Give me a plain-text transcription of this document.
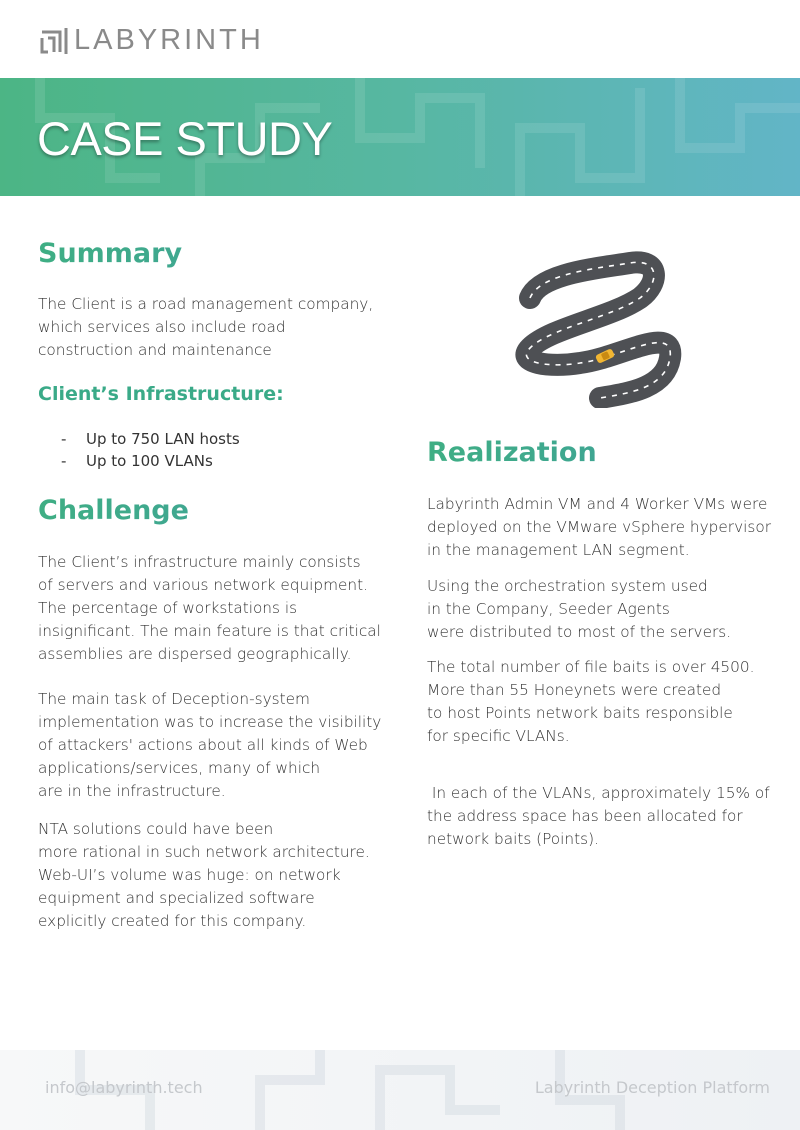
LABYRINTH
CASE STUDY
Summary

The Client is a road management company,
which services also include road
construction and maintenance

Client’s Infrastructure:
- Up to 750 LAN hosts
- Up to 100 VLANs
Challenge

The Client’s infrastructure mainly consists
of servers and various network equipment.
The percentage of workstations is
insignificant. The main feature is that critical
assemblies are dispersed geographically.

The main task of Deception-system
implementation was to increase the visibility
of attackers' actions about all kinds of Web
applications/services, many of which
are in the infrastructure.

NTA solutions could have been
more rational in such network architecture.
Web-UI’s volume was huge: on network
equipment and specialized software
explicitly created for this company.

Realization

Labyrinth Admin VM and 4 Worker VMs were
deployed on the VMware vSphere hypervisor
in the management LAN segment.

Using the orchestration system used
in the Company, Seeder Agents
were distributed to most of the servers.

The total number of file baits is over 4500.
More than 55 Honeynets were created
to host Points network baits responsible
for specific VLANs.

In each of the VLANs, approximately 15% of
the address space has been allocated for
network baits (Points).

info@labyrinth.tech	Labyrinth Deception Platform
